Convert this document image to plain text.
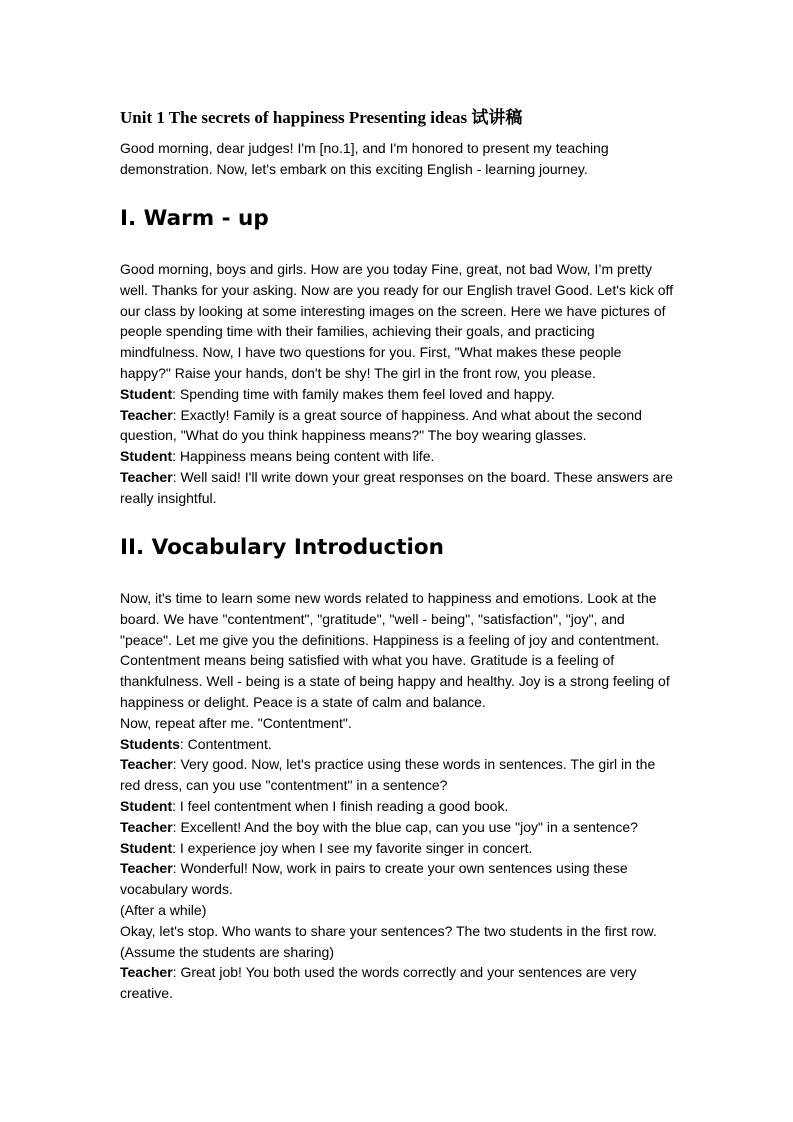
Unit 1 The secrets of happiness Presenting ideas 试讲稿

Good morning, dear judges! I'm [no.1], and I'm honored to present my teaching demonstration. Now, let's embark on this exciting English - learning journey.

I. Warm - up

Good morning, boys and girls. How are you today Fine, great, not bad Wow, I’m pretty well. Thanks for your asking. Now are you ready for our English travel Good. Let's kick off our class by looking at some interesting images on the screen. Here we have pictures of people spending time with their families, achieving their goals, and practicing mindfulness. Now, I have two questions for you. First, "What makes these people happy?" Raise your hands, don't be shy! The girl in the front row, you please.

Student: Spending time with family makes them feel loved and happy.

Teacher: Exactly! Family is a great source of happiness. And what about the second question, "What do you think happiness means?" The boy wearing glasses.

Student: Happiness means being content with life.

Teacher: Well said! I'll write down your great responses on the board. These answers are really insightful.

II. Vocabulary Introduction

Now, it's time to learn some new words related to happiness and emotions. Look at the board. We have "contentment", "gratitude", "well - being", "satisfaction", "joy", and "peace". Let me give you the definitions. Happiness is a feeling of joy and contentment. Contentment means being satisfied with what you have. Gratitude is a feeling of thankfulness. Well - being is a state of being happy and healthy. Joy is a strong feeling of happiness or delight. Peace is a state of calm and balance.

Now, repeat after me. "Contentment".

Students: Contentment.

Teacher: Very good. Now, let's practice using these words in sentences. The girl in the red dress, can you use "contentment" in a sentence?

Student: I feel contentment when I finish reading a good book.

Teacher: Excellent! And the boy with the blue cap, can you use "joy" in a sentence?

Student: I experience joy when I see my favorite singer in concert.

Teacher: Wonderful! Now, work in pairs to create your own sentences using these vocabulary words.

(After a while)

Okay, let's stop. Who wants to share your sentences? The two students in the first row.

(Assume the students are sharing)

Teacher: Great job! You both used the words correctly and your sentences are very creative.
